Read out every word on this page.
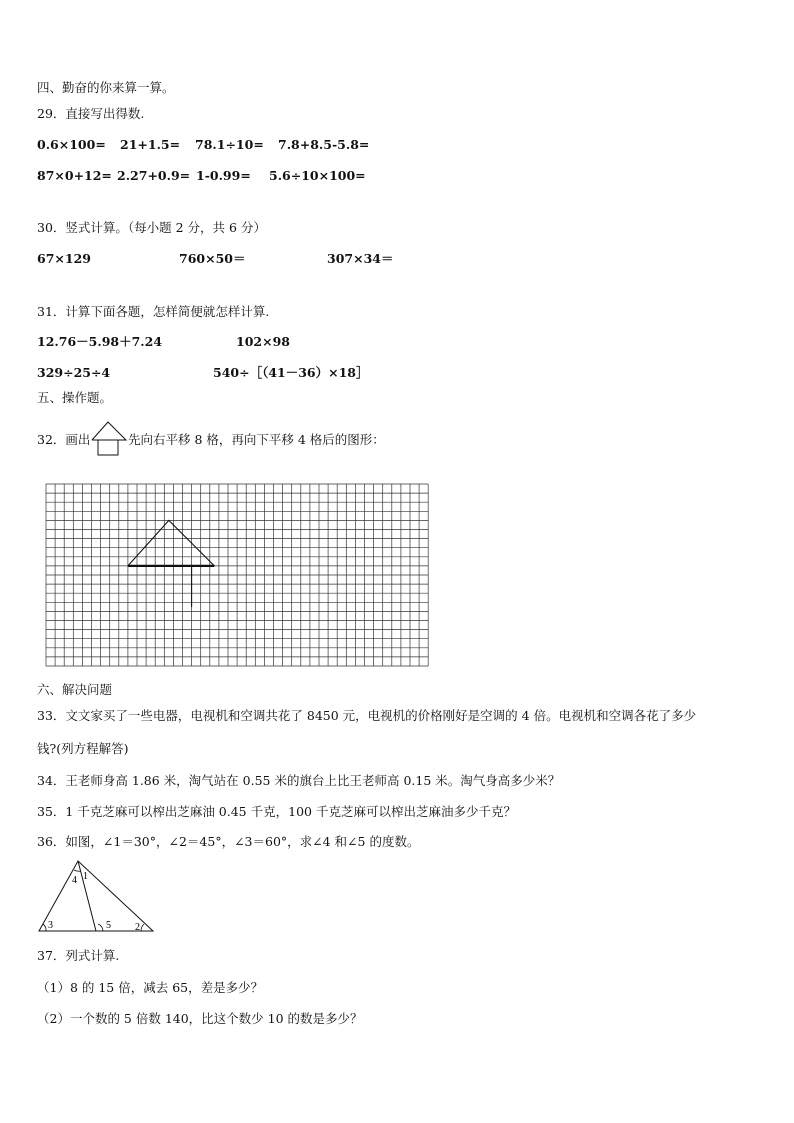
四、勤奋的你来算一算。
29．直接写出得数.
0.6×100= 21+1.5= 78.1÷10= 7.8+8.5-5.8=
87×0+12= 2.27+0.9= 1-0.99= 5.6÷10×100=
30．竖式计算。（每小题 2 分，共 6 分）
67×129	760×50＝	307×34＝
31．计算下面各题，怎样简便就怎样计算.
12.76－5.98＋7.24	102×98
329÷25÷4	540÷［（41－36）×18］
五、操作题。
32．画出	先向右平移 8 格，再向下平移 4 格后的图形：
六、解决问题
33．文文家买了一些电器，电视机和空调共花了 8450 元，电视机的价格刚好是空调的 4 倍。电视机和空调各花了多少
钱?(列方程解答)
34．王老师身高 1.86 米，淘气站在 0.55 米的旗台上比王老师高 0.15 米。淘气身高多少米？
35．1 千克芝麻可以榨出芝麻油 0.45 千克，100 千克芝麻可以榨出芝麻油多少千克？
36．如图，∠1＝30°，∠2＝45°，∠3＝60°，求∠4 和∠5 的度数。
4 1
3	5 2
37．列式计算.
（1）8 的 15 倍，减去 65，差是多少？
（2）一个数的 5 倍数 140，比这个数少 10 的数是多少？
